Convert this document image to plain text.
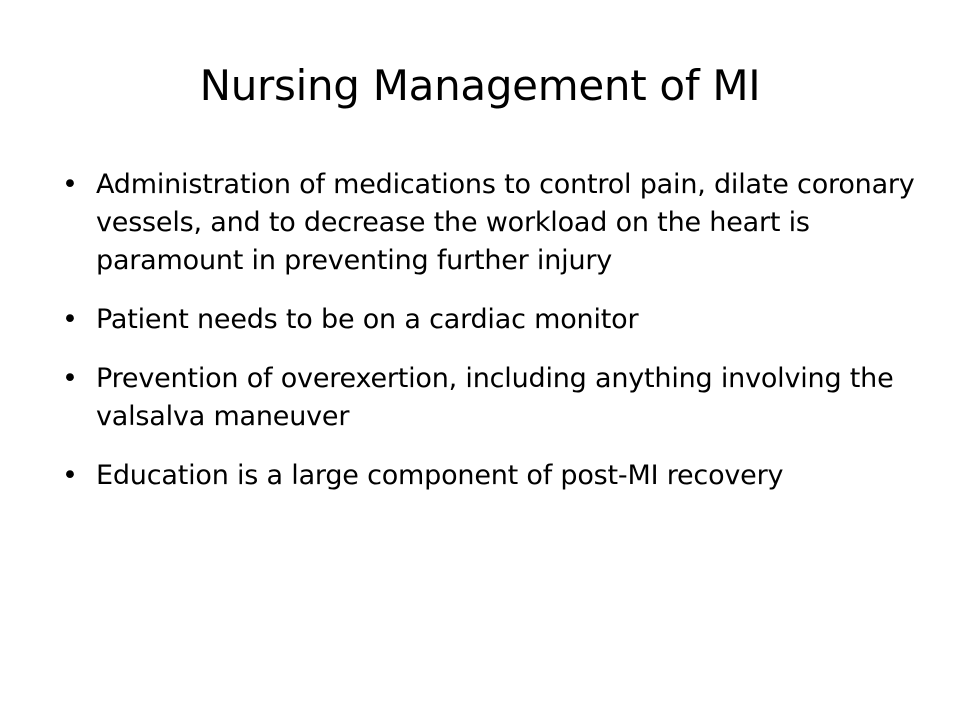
Nursing Management of MI
• Administration of medications to control pain, dilate coronary vessels, and to decrease the workload on the heart is paramount in preventing further injury
• Patient needs to be on a cardiac monitor
• Prevention of overexertion, including anything involving the valsalva maneuver
• Education is a large component of post-MI recovery
